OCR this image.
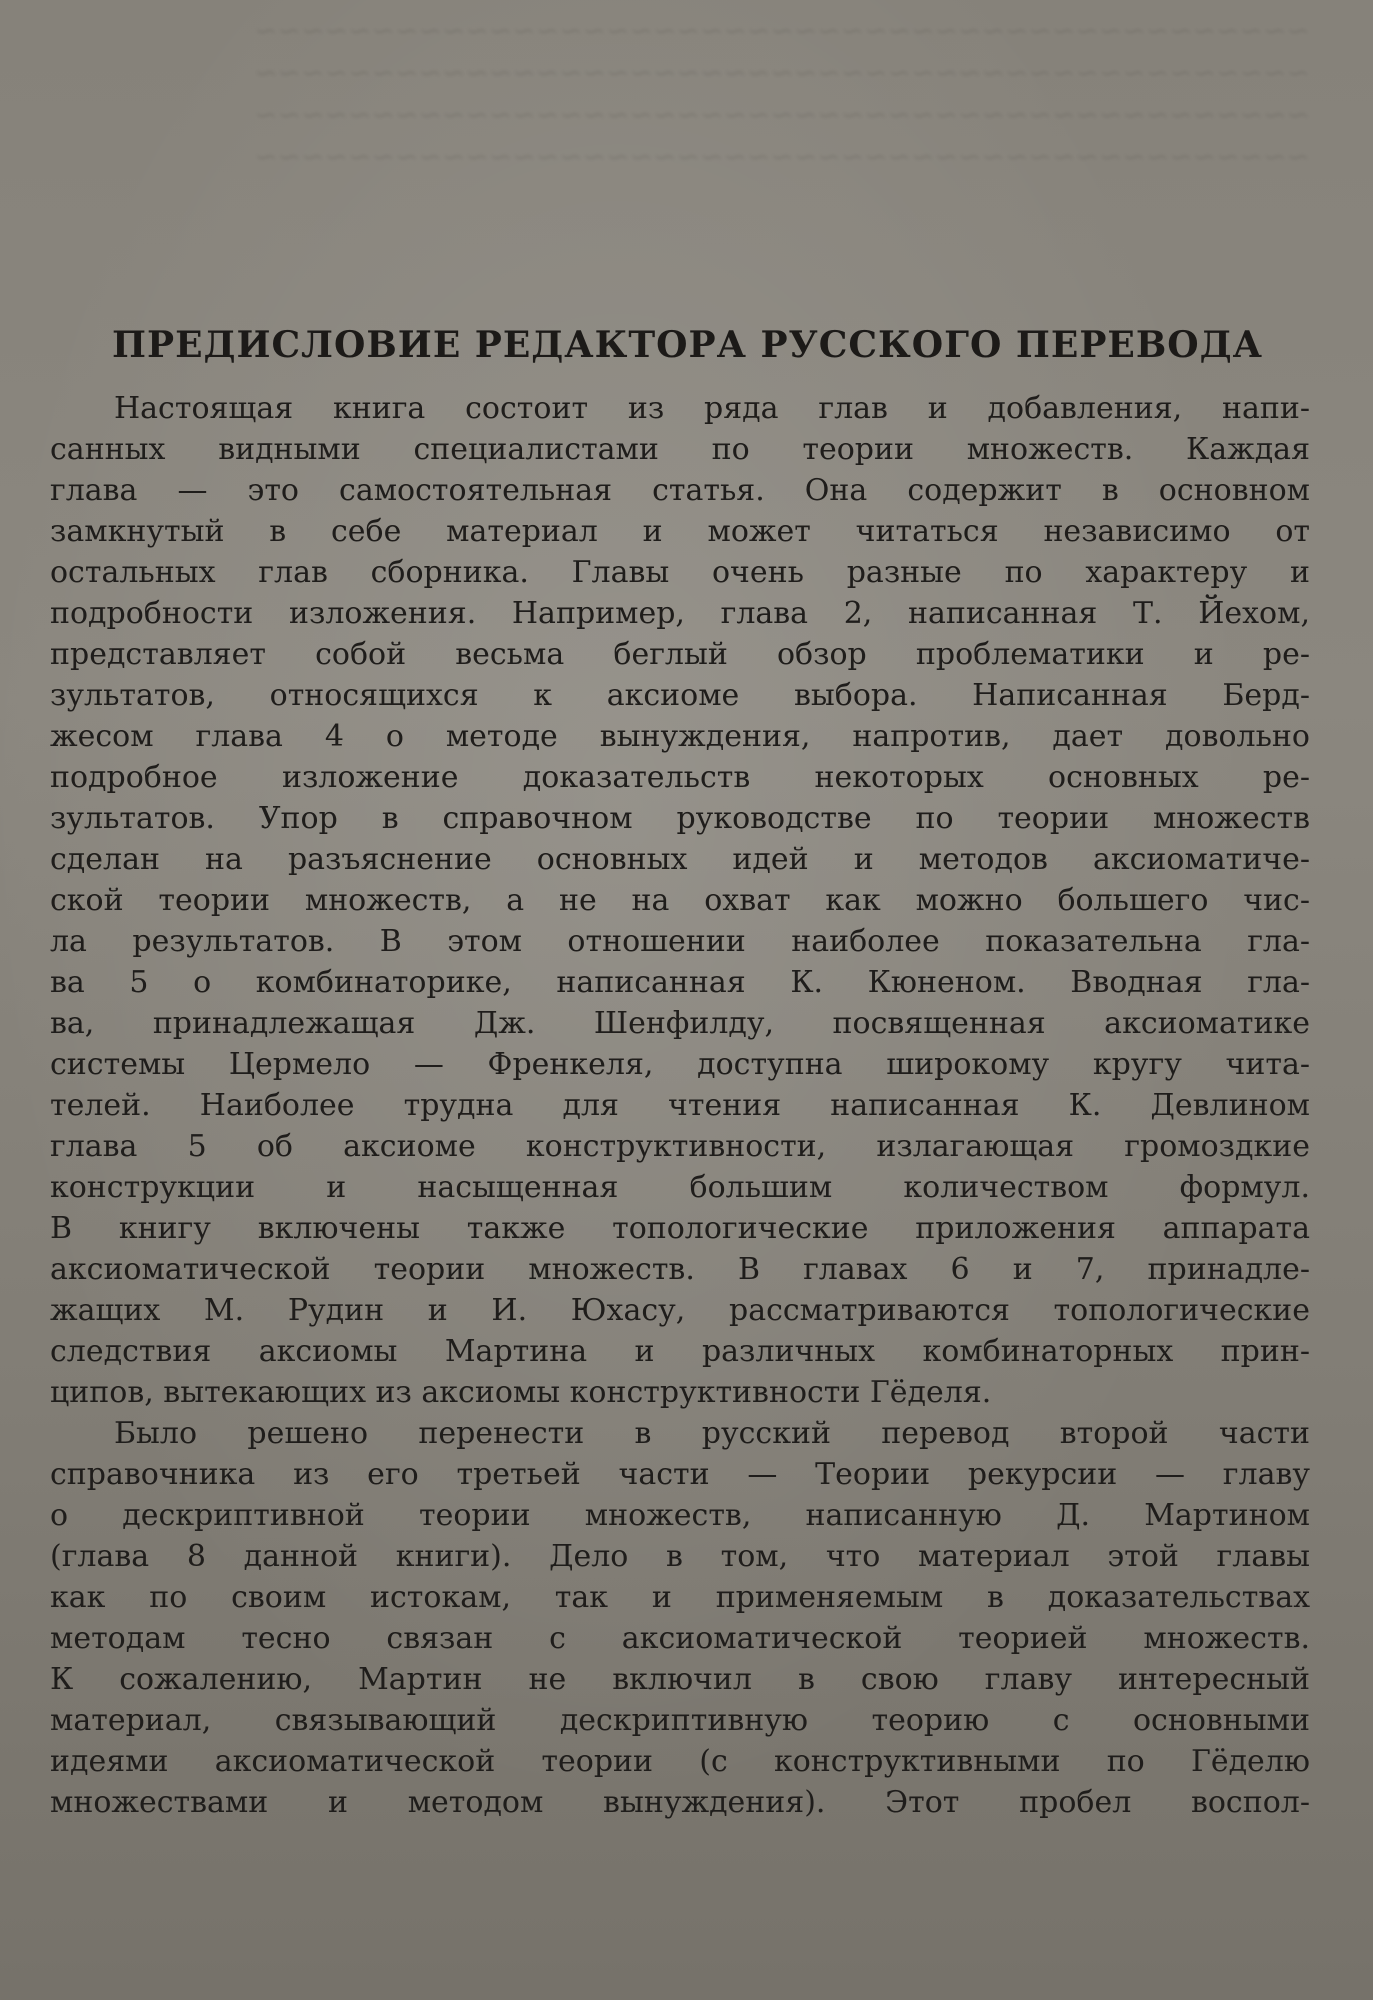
~~~~~~~~~~~~~~~~~~~~~~~~~~~~~~~~~~~~~~~~~~~~~
~~~~~~~~~~~~~~~~~~~~~~~~~~~~~~~~~~~~~~~~~~~~~
~~~~~~~~~~~~~~~~~~~~~~~~~~~~~~~~~~~~~~~~~~~~~
~~~~~~~~~~~~~~~~~~~~~~~~~~~~~~~~~~~~~~~~~~~~~
ПРЕДИСЛОВИЕ РЕДАКТОРА РУССКОГО ПЕРЕВОДА
Настоящая книга состоит из ряда глав и добавления, напи-
санных видными специалистами по теории множеств. Каждая
глава — это самостоятельная статья. Она содержит в основном
замкнутый в себе материал и может читаться независимо от
остальных глав сборника. Главы очень разные по характеру и
подробности изложения. Например, глава 2, написанная Т. Йехом,
представляет собой весьма беглый обзор проблематики и ре-
зультатов, относящихся к аксиоме выбора. Написанная Берд-
жесом глава 4 о методе вынуждения, напротив, дает довольно
подробное изложение доказательств некоторых основных ре-
зультатов. Упор в справочном руководстве по теории множеств
сделан на разъяснение основных идей и методов аксиоматиче-
ской теории множеств, а не на охват как можно большего чис-
ла результатов. В этом отношении наиболее показательна гла-
ва 5 о комбинаторике, написанная К. Кюненом. Вводная гла-
ва, принадлежащая Дж. Шенфилду, посвященная аксиоматике
системы Цермело — Френкеля, доступна широкому кругу чита-
телей. Наиболее трудна для чтения написанная К. Девлином
глава 5 об аксиоме конструктивности, излагающая громоздкие
конструкции и насыщенная большим количеством формул.
В книгу включены также топологические приложения аппарата
аксиоматической теории множеств. В главах 6 и 7, принадле-
жащих М. Рудин и И. Юхасу, рассматриваются топологические
следствия аксиомы Мартина и различных комбинаторных прин-
ципов, вытекающих из аксиомы конструктивности Гёделя.
Было решено перенести в русский перевод второй части
справочника из его третьей части — Теории рекурсии — главу
о дескриптивной теории множеств, написанную Д. Мартином
(глава 8 данной книги). Дело в том, что материал этой главы
как по своим истокам, так и применяемым в доказательствах
методам тесно связан с аксиоматической теорией множеств.
К сожалению, Мартин не включил в свою главу интересный
материал, связывающий дескриптивную теорию с основными
идеями аксиоматической теории (с конструктивными по Гёделю
множествами и методом вынуждения). Этот пробел воспол-
